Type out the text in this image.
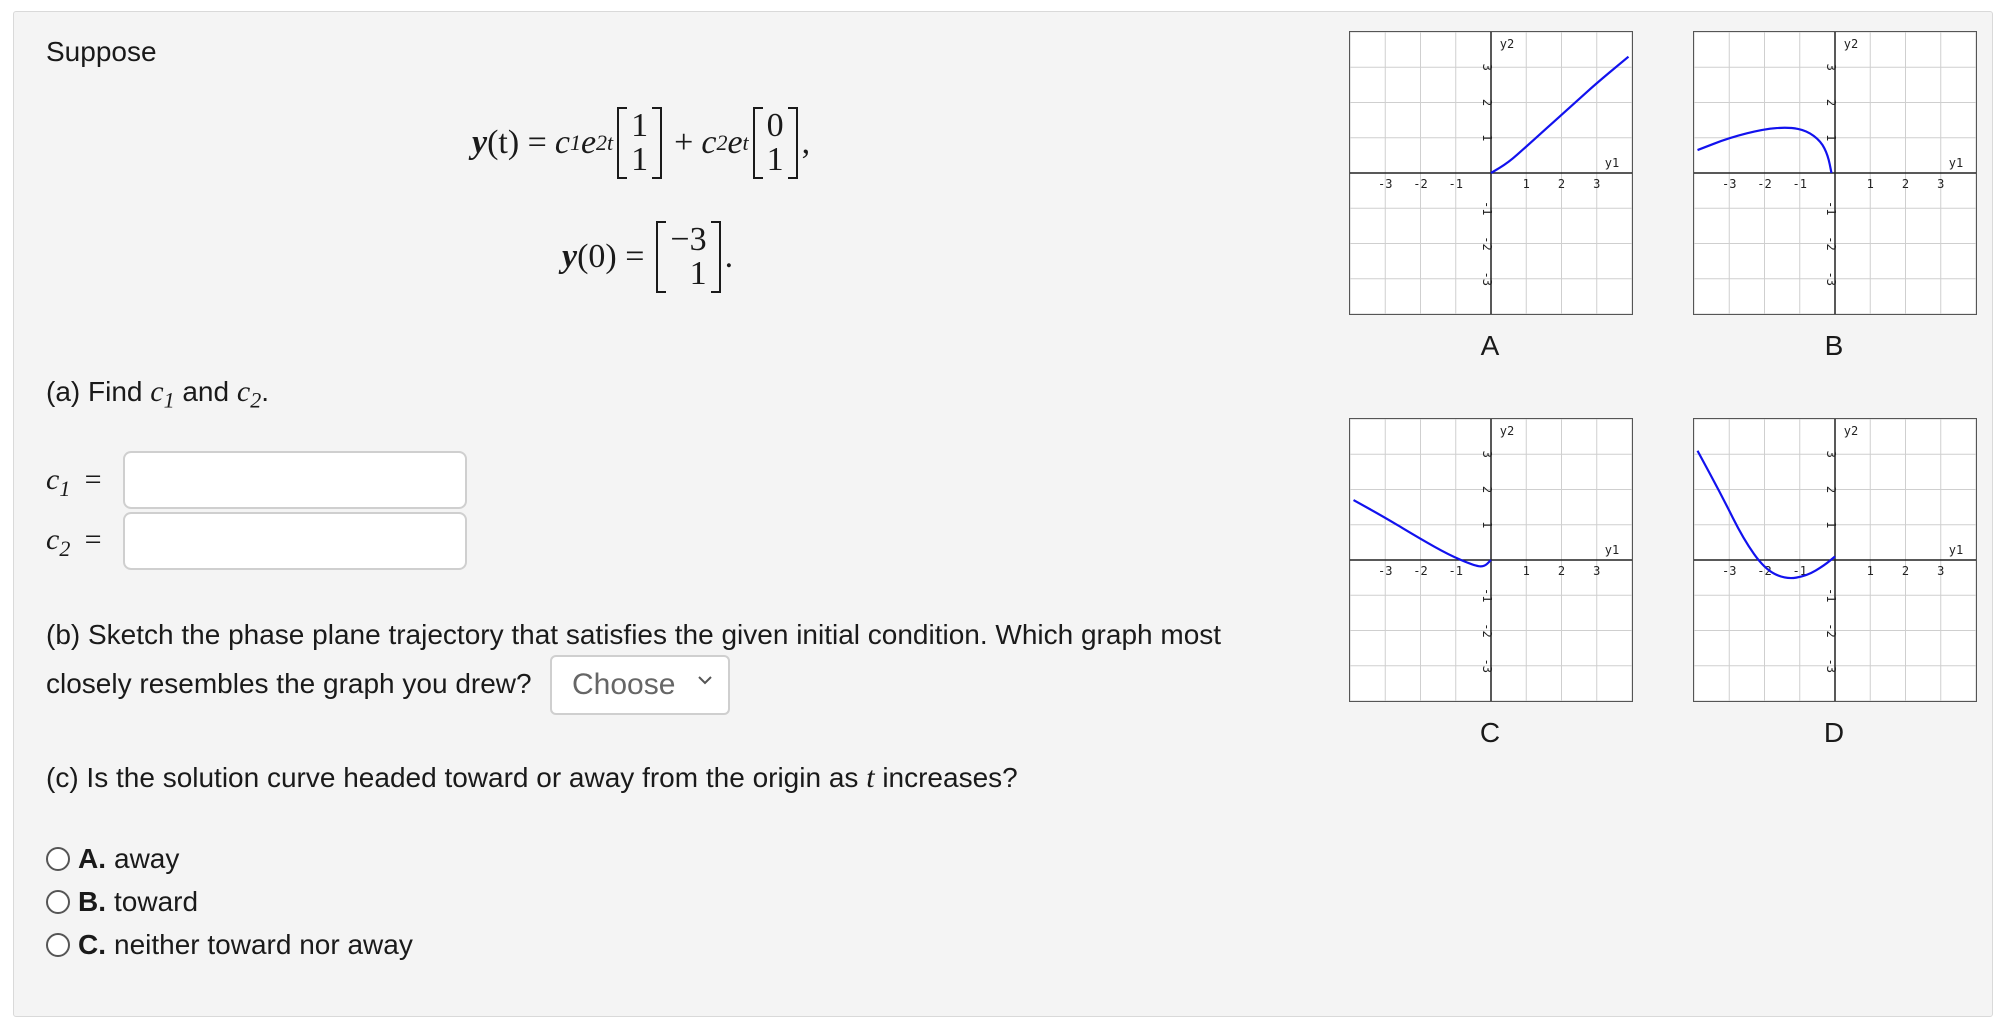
Suppose
y (t) = c 1 e 2t 1
1 + c 2 e t 0
1 ,
y (0) = −3
1 .
(a) Find $c_1$ and $c_2$.
$c_1$ =
$c_2$ =
(b) Sketch the phase plane trajectory that satisfies the given initial condition. Which graph most
closely resembles the graph you drew? Choose
(c) Is the solution curve headed toward or away from the origin as t increases?
A. away
B. toward
C. neither toward nor away
-3 -2 -1	1 2 3
3
2
1
-1
-2
-3
y1
y2
A
-3 -2 -1	1 2 3
3
2
1
-1
-2
-3
y1
y2
B
-3 -2 -1	1 2 3
3
2
1
-1
-2
-3
y1
y2
C
-3 -2 -1	1 2 3
3
2
1
-1
-2
-3
y1
y2
D
